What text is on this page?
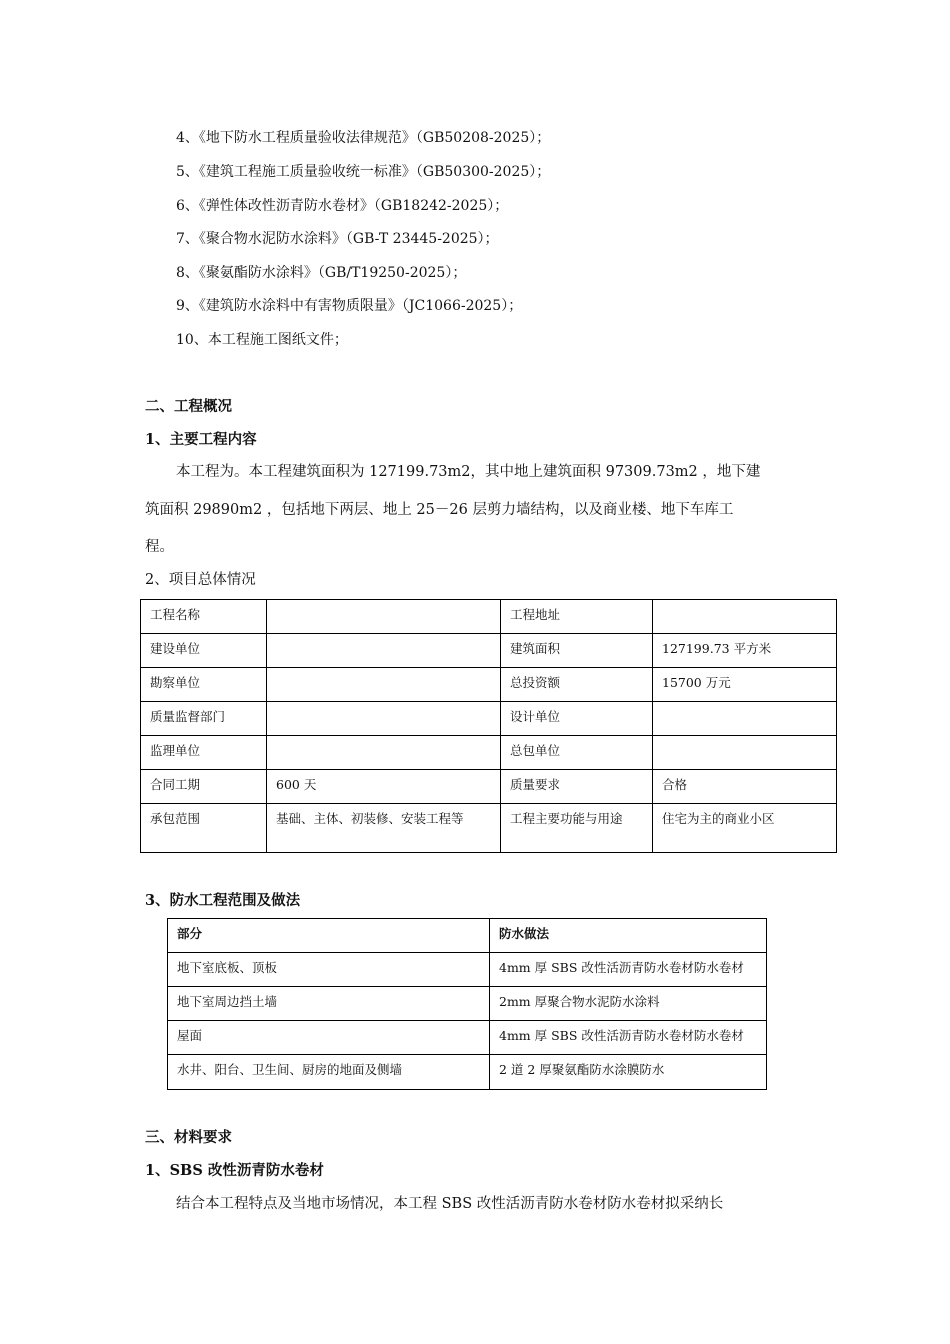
4、《地下防水工程质量验收法律规范》（GB50208-2025）；
5、《建筑工程施工质量验收统一标准》（GB50300-2025）；
6、《弹性体改性沥青防水卷材》（GB18242-2025）；
7、《聚合物水泥防水涂料》（GB-T 23445-2025）；
8、《聚氨酯防水涂料》（GB/T19250-2025）；
9、《建筑防水涂料中有害物质限量》（JC1066-2025）；
10、本工程施工图纸文件；
二、工程概况
1、主要工程内容
本工程为。本工程建筑面积为 127199.73m2，其中地上建筑面积 97309.73m2 ，地下建
筑面积 29890m2 ，包括地下两层、地上 25－26 层剪力墙结构，以及商业楼、地下车库工
程。
2、项目总体情况
工程名称		工程地址	
建设单位		建筑面积	127199.73 平方米
勘察单位		总投资额	15700 万元
质量监督部门		设计单位	
监理单位		总包单位	
合同工期	600 天	质量要求	合格
承包范围	基础、主体、初装修、安装工程等	工程主要功能与用途	住宅为主的商业小区
3、防水工程范围及做法
部分	防水做法
地下室底板、顶板	4mm 厚 SBS 改性活沥青防水卷材防水卷材
地下室周边挡土墙	2mm 厚聚合物水泥防水涂料
屋面	4mm 厚 SBS 改性活沥青防水卷材防水卷材
水井、阳台、卫生间、厨房的地面及侧墙	2 道 2 厚聚氨酯防水涂膜防水
三、材料要求
1、SBS 改性沥青防水卷材
结合本工程特点及当地市场情况，本工程 SBS 改性活沥青防水卷材防水卷材拟采纳长
